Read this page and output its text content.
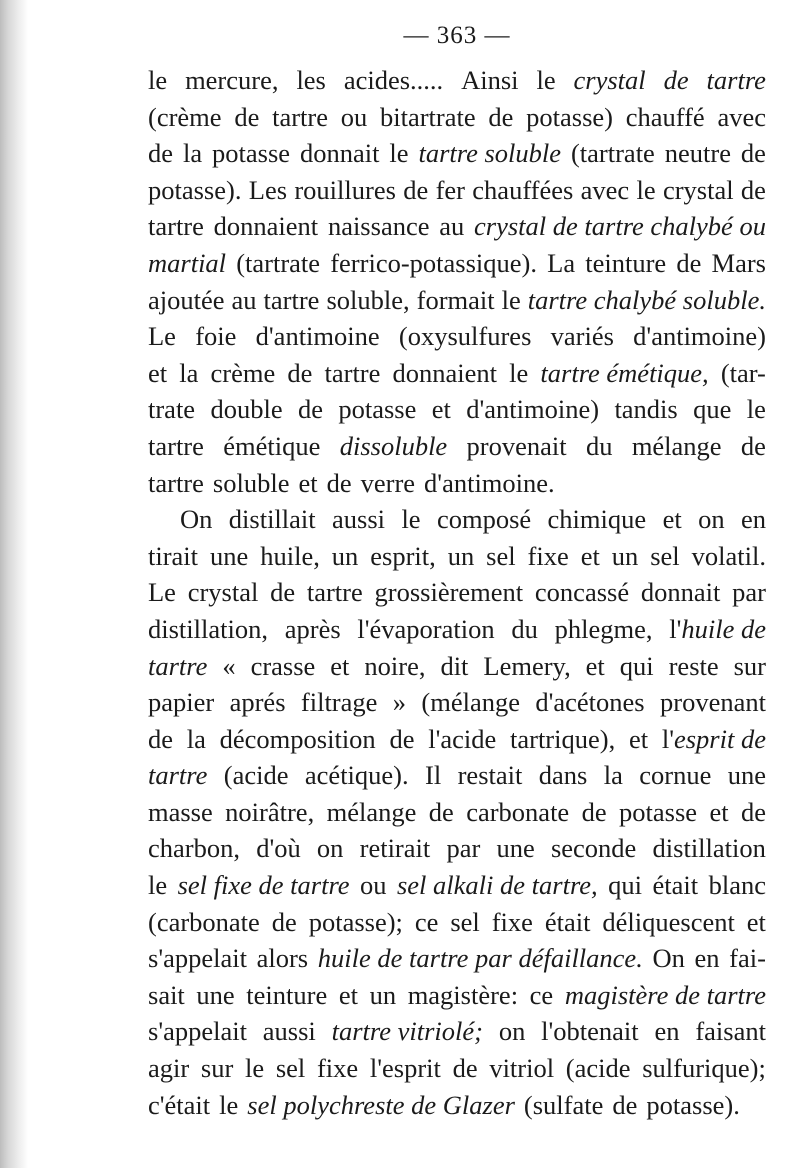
— 363 —
le mercure, les acides..... Ainsi le crystal de tartre
(crème de tartre ou bitartrate de potasse) chauffé avec
de la potasse donnait le tartre soluble (tartrate neutre de
potasse). Les rouillures de fer chauffées avec le crystal de
tartre donnaient naissance au crystal de tartre chalybé ou
martial (tartrate ferrico-potassique). La teinture de Mars
ajoutée au tartre soluble, formait le tartre chalybé soluble.
Le foie d'antimoine (oxysulfures variés d'antimoine)
et la crème de tartre donnaient le tartre émétique, (tar-
trate double de potasse et d'antimoine) tandis que le
tartre émétique dissoluble provenait du mélange de
tartre soluble et de verre d'antimoine.
On distillait aussi le composé chimique et on en
tirait une huile, un esprit, un sel fixe et un sel volatil.
Le crystal de tartre grossièrement concassé donnait par
distillation, après l'évaporation du phlegme, l'huile de
tartre « crasse et noire, dit Lemery, et qui reste sur
papier aprés filtrage » (mélange d'acétones provenant
de la décomposition de l'acide tartrique), et l'esprit de
tartre (acide acétique). Il restait dans la cornue une
masse noirâtre, mélange de carbonate de potasse et de
charbon, d'où on retirait par une seconde distillation
le sel fixe de tartre ou sel alkali de tartre, qui était blanc
(carbonate de potasse); ce sel fixe était déliquescent et
s'appelait alors huile de tartre par défaillance. On en fai-
sait une teinture et un magistère: ce magistère de tartre
s'appelait aussi tartre vitriolé; on l'obtenait en faisant
agir sur le sel fixe l'esprit de vitriol (acide sulfurique);
c'était le sel polychreste de Glazer (sulfate de potasse).
